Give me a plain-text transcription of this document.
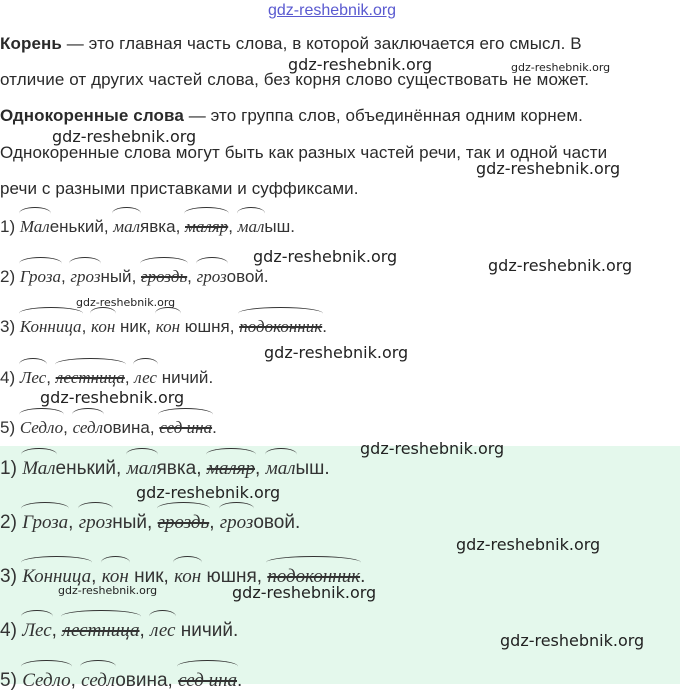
gdz-reshebnik.org
Корень — это главная часть слова, в которой заключается его смысл. В
отличие от других частей слова, без корня слово существовать не может.
Однокоренные слова — это группа слов, объединённая одним корнем.
Однокоренные слова могут быть как разных частей речи, так и одной части
речи с разными приставками и суффиксами.
gdz-reshebnik.org	gdz-reshebnik.org
gdz-reshebnik.org
gdz-reshebnik.org
gdz-reshebnik.org	gdz-reshebnik.org
gdz-reshebnik.org
gdz-reshebnik.org
gdz-reshebnik.org
1) Мал
енький, мал
явка, маляр
, мал
ыш.
2) Гроза
, гроз
ный, гроздь
, гроз
овой.
3) Конница
, кон
ник, кон
юшня, подоконник
.
4) Лес
, лестница
, лес
ничий.
5) Седло
, седл
овина, сед ина
.
1) Мал
енький, мал
явка, маляр
, мал
ыш.
2) Гроза
, гроз
ный, гроздь
, гроз
овой.
3) Конница
, кон
ник, кон
юшня, подоконник
.
4) Лес
, лестница
, лес
ничий.
5) Седло
, седл
овина, сед ина
.
gdz-reshebnik.org
gdz-reshebnik.org
gdz-reshebnik.org
gdz-reshebnik.org	gdz-reshebnik.org
gdz-reshebnik.org
